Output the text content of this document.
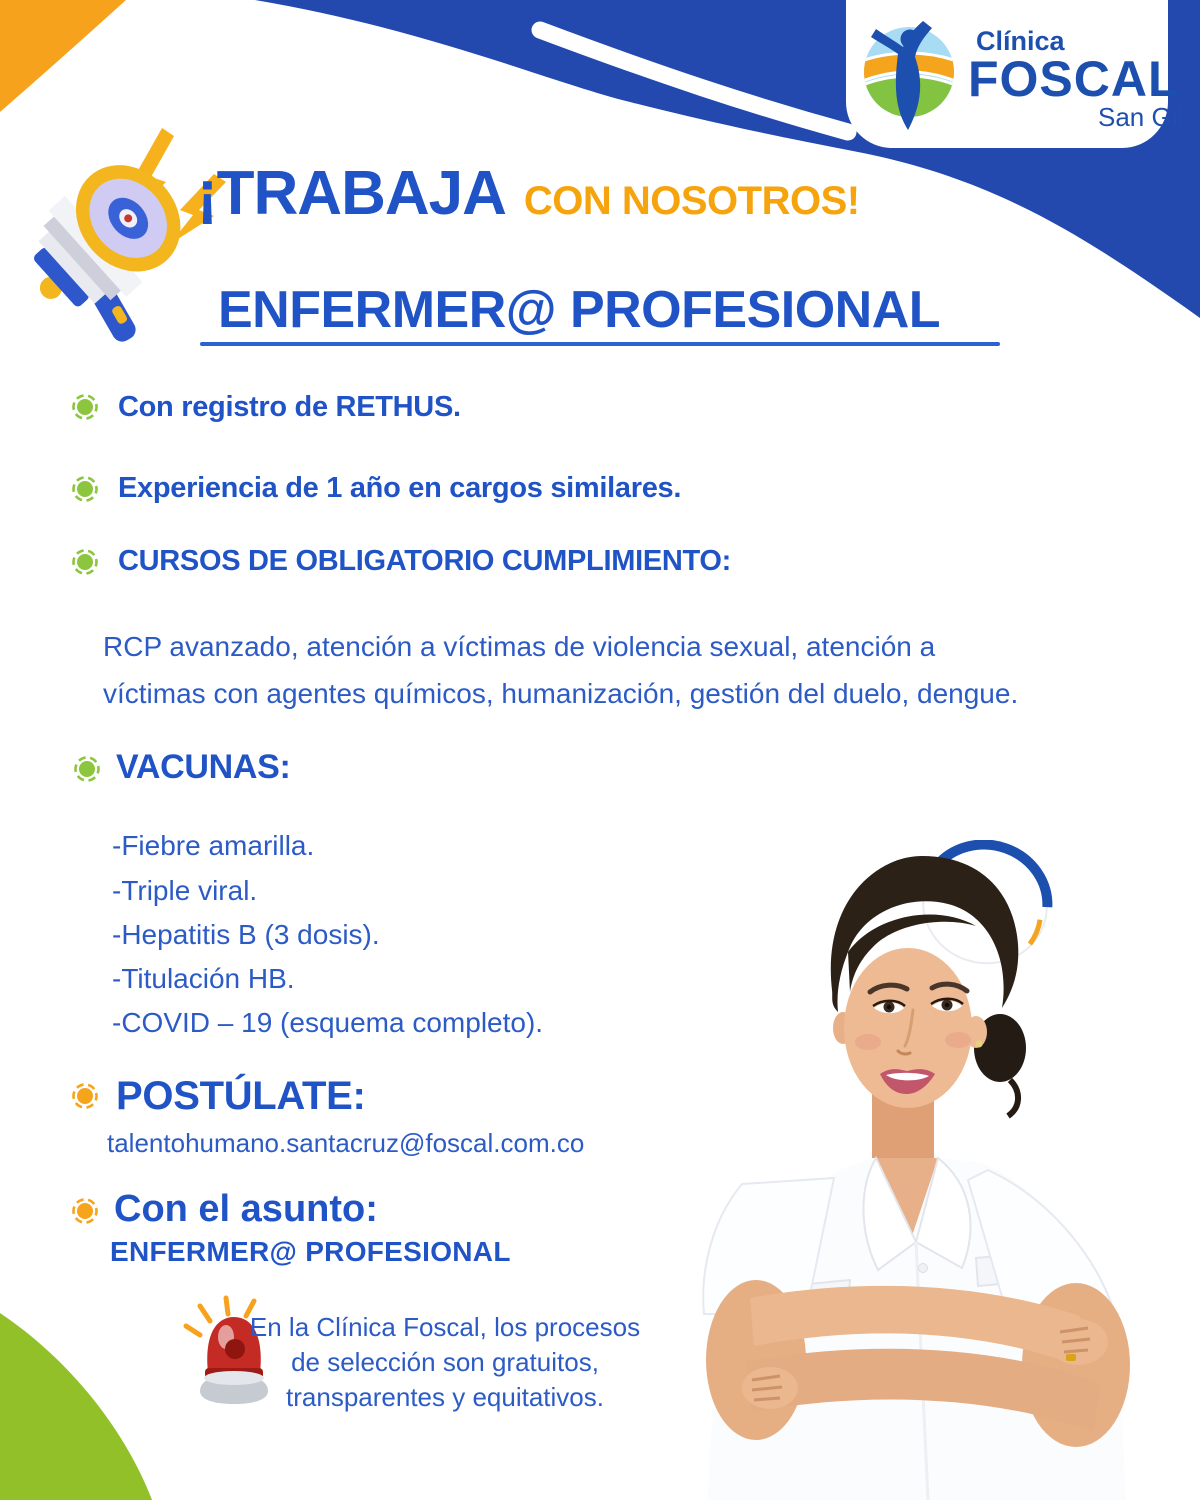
Clínica
FOSCAL
San Gil
¡TRABAJA CON NOSOTROS!
ENFERMER@ PROFESIONAL
Con registro de RETHUS.
Experiencia de 1 año en cargos similares.
CURSOS DE OBLIGATORIO CUMPLIMIENTO:
RCP avanzado, atención a víctimas de violencia sexual, atención a
víctimas con agentes químicos, humanización, gestión del duelo, dengue.
VACUNAS:
-Fiebre amarilla.
-Triple viral.
-Hepatitis B (3 dosis).
-Titulación HB.
-COVID – 19 (esquema completo).
POSTÚLATE:
talentohumano.santacruz@foscal.com.co
Con el asunto:
ENFERMER@ PROFESIONAL
En la Clínica Foscal, los procesos
de selección son gratuitos,
transparentes y equitativos.
